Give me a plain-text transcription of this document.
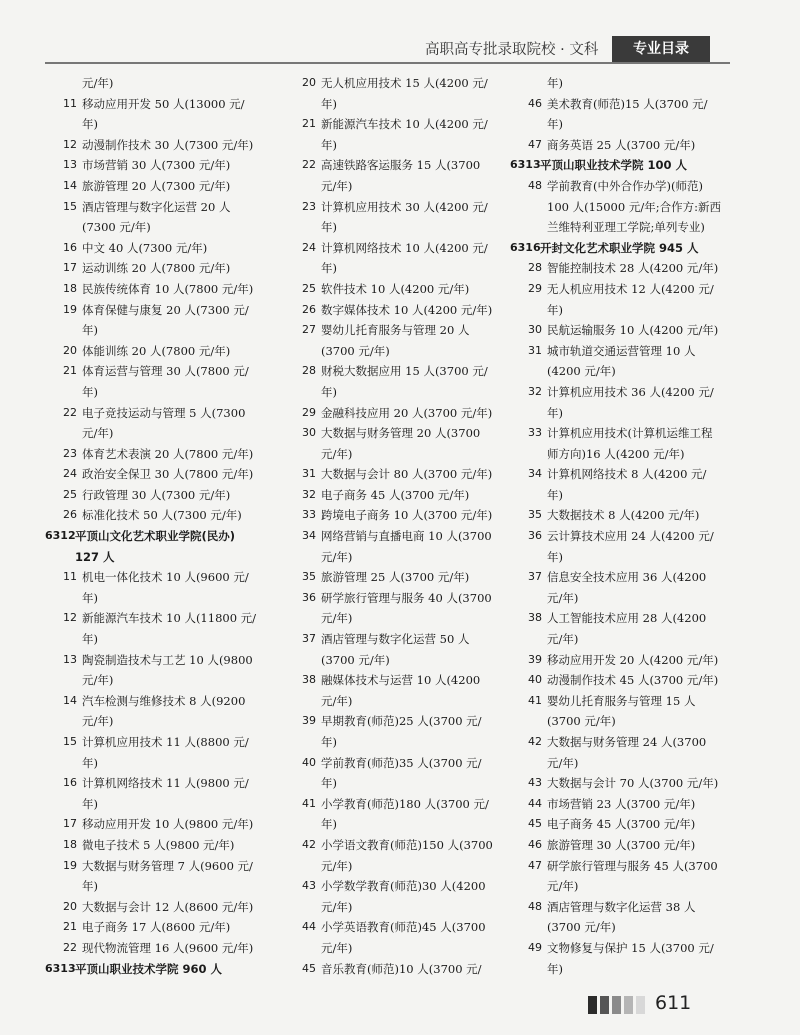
高职高专批录取院校 · 文科	专业目录
元/年)
11 移动应用开发 50 人(13000 元/
年)
12 动漫制作技术 30 人(7300 元/年)
13 市场营销 30 人(7300 元/年)
14 旅游管理 20 人(7300 元/年)
15 酒店管理与数字化运营 20 人
(7300 元/年)
16 中文 40 人(7300 元/年)
17 运动训练 20 人(7800 元/年)
18 民族传统体育 10 人(7800 元/年)
19 体育保健与康复 20 人(7300 元/
年)
20 体能训练 20 人(7800 元/年)
21 体育运营与管理 30 人(7800 元/
年)
22 电子竞技运动与管理 5 人(7300
元/年)
23 体育艺术表演 20 人(7800 元/年)
24 政治安全保卫 30 人(7800 元/年)
25 行政管理 30 人(7300 元/年)
26 标准化技术 50 人(7300 元/年)
6312 平顶山文化艺术职业学院(民办)
127 人
11 机电一体化技术 10 人(9600 元/
年)
12 新能源汽车技术 10 人(11800 元/
年)
13 陶瓷制造技术与工艺 10 人(9800
元/年)
14 汽车检测与维修技术 8 人(9200
元/年)
15 计算机应用技术 11 人(8800 元/
年)
16 计算机网络技术 11 人(9800 元/
年)
17 移动应用开发 10 人(9800 元/年)
18 微电子技术 5 人(9800 元/年)
19 大数据与财务管理 7 人(9600 元/
年)
20 大数据与会计 12 人(8600 元/年)
21 电子商务 17 人(8600 元/年)
22 现代物流管理 16 人(9600 元/年)
6313 平顶山职业技术学院 960 人
20 无人机应用技术 15 人(4200 元/
年)
21 新能源汽车技术 10 人(4200 元/
年)
22 高速铁路客运服务 15 人(3700
元/年)
23 计算机应用技术 30 人(4200 元/
年)
24 计算机网络技术 10 人(4200 元/
年)
25 软件技术 10 人(4200 元/年)
26 数字媒体技术 10 人(4200 元/年)
27 婴幼儿托育服务与管理 20 人
(3700 元/年)
28 财税大数据应用 15 人(3700 元/
年)
29 金融科技应用 20 人(3700 元/年)
30 大数据与财务管理 20 人(3700
元/年)
31 大数据与会计 80 人(3700 元/年)
32 电子商务 45 人(3700 元/年)
33 跨境电子商务 10 人(3700 元/年)
34 网络营销与直播电商 10 人(3700
元/年)
35 旅游管理 25 人(3700 元/年)
36 研学旅行管理与服务 40 人(3700
元/年)
37 酒店管理与数字化运营 50 人
(3700 元/年)
38 融媒体技术与运营 10 人(4200
元/年)
39 早期教育(师范)25 人(3700 元/
年)
40 学前教育(师范)35 人(3700 元/
年)
41 小学教育(师范)180 人(3700 元/
年)
42 小学语文教育(师范)150 人(3700
元/年)
43 小学数学教育(师范)30 人(4200
元/年)
44 小学英语教育(师范)45 人(3700
元/年)
45 音乐教育(师范)10 人(3700 元/
年)
46 美术教育(师范)15 人(3700 元/
年)
47 商务英语 25 人(3700 元/年)
6313 平顶山职业技术学院 100 人
48 学前教育(中外合作办学)(师范)
100 人(15000 元/年;合作方:新西
兰维特利亚理工学院;单列专业)
6316 开封文化艺术职业学院 945 人
28 智能控制技术 28 人(4200 元/年)
29 无人机应用技术 12 人(4200 元/
年)
30 民航运输服务 10 人(4200 元/年)
31 城市轨道交通运营管理 10 人
(4200 元/年)
32 计算机应用技术 36 人(4200 元/
年)
33 计算机应用技术(计算机运维工程
师方向)16 人(4200 元/年)
34 计算机网络技术 8 人(4200 元/
年)
35 大数据技术 8 人(4200 元/年)
36 云计算技术应用 24 人(4200 元/
年)
37 信息安全技术应用 36 人(4200
元/年)
38 人工智能技术应用 28 人(4200
元/年)
39 移动应用开发 20 人(4200 元/年)
40 动漫制作技术 45 人(3700 元/年)
41 婴幼儿托育服务与管理 15 人
(3700 元/年)
42 大数据与财务管理 24 人(3700
元/年)
43 大数据与会计 70 人(3700 元/年)
44 市场营销 23 人(3700 元/年)
45 电子商务 45 人(3700 元/年)
46 旅游管理 30 人(3700 元/年)
47 研学旅行管理与服务 45 人(3700
元/年)
48 酒店管理与数字化运营 38 人
(3700 元/年)
49 文物修复与保护 15 人(3700 元/
年)
611
